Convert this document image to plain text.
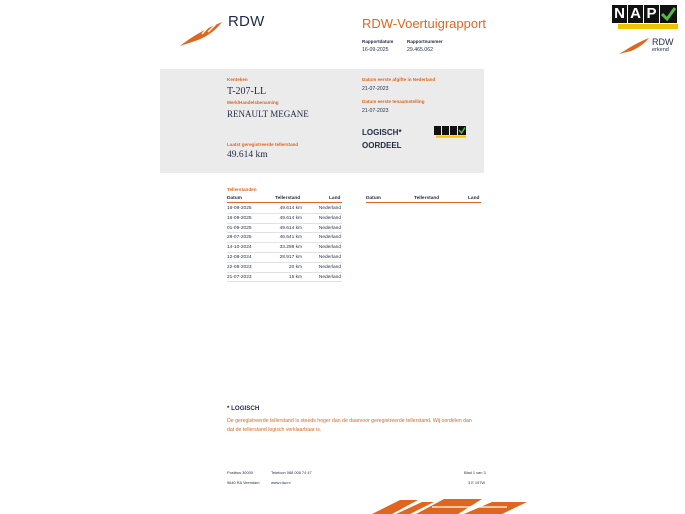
RDW	RDW-Voertuigrapport
Rapportdatum
16-09-2025
Rapportnummer
29.465.062
N A P
RDW
erkend
Kenteken
T-207-LL
Merk/Handelsbenaming
RENAULT MEGANE
Laatst geregistreerde tellerstand
49.614 km
Datum eerste afgifte in Nederland
21-07-2023
Datum eerste tenaamstelling
21-07-2023
LOGISCH*
OORDEEL
Tellerstanden
Datum	Tellerstand	Land	Datum	Tellerstand	Land
16-09-2025	49.614 km	Nederland
16-09-2025	49.614 km	Nederland
01-09-2025	49.614 km	Nederland
28-07-2025	46.641 km	Nederland
14-10-2024	33.298 km	Nederland
12-08-2024	28.917 km	Nederland
22-08-2023	20 km	Nederland
21-07-2023	15 km	Nederland
* LOGISCH
De geregistreerde tellerstand is steeds hoger dan de daarvoor geregistreerde tellerstand. Wij oordelen dan
dat de tellerstand logisch verklaarbaar is.
Postbus 30000
9640 RA Veendam
Telefoon 088 008 74 47
www.rdw.nl
Blad 1 van 3
3 E 197W
